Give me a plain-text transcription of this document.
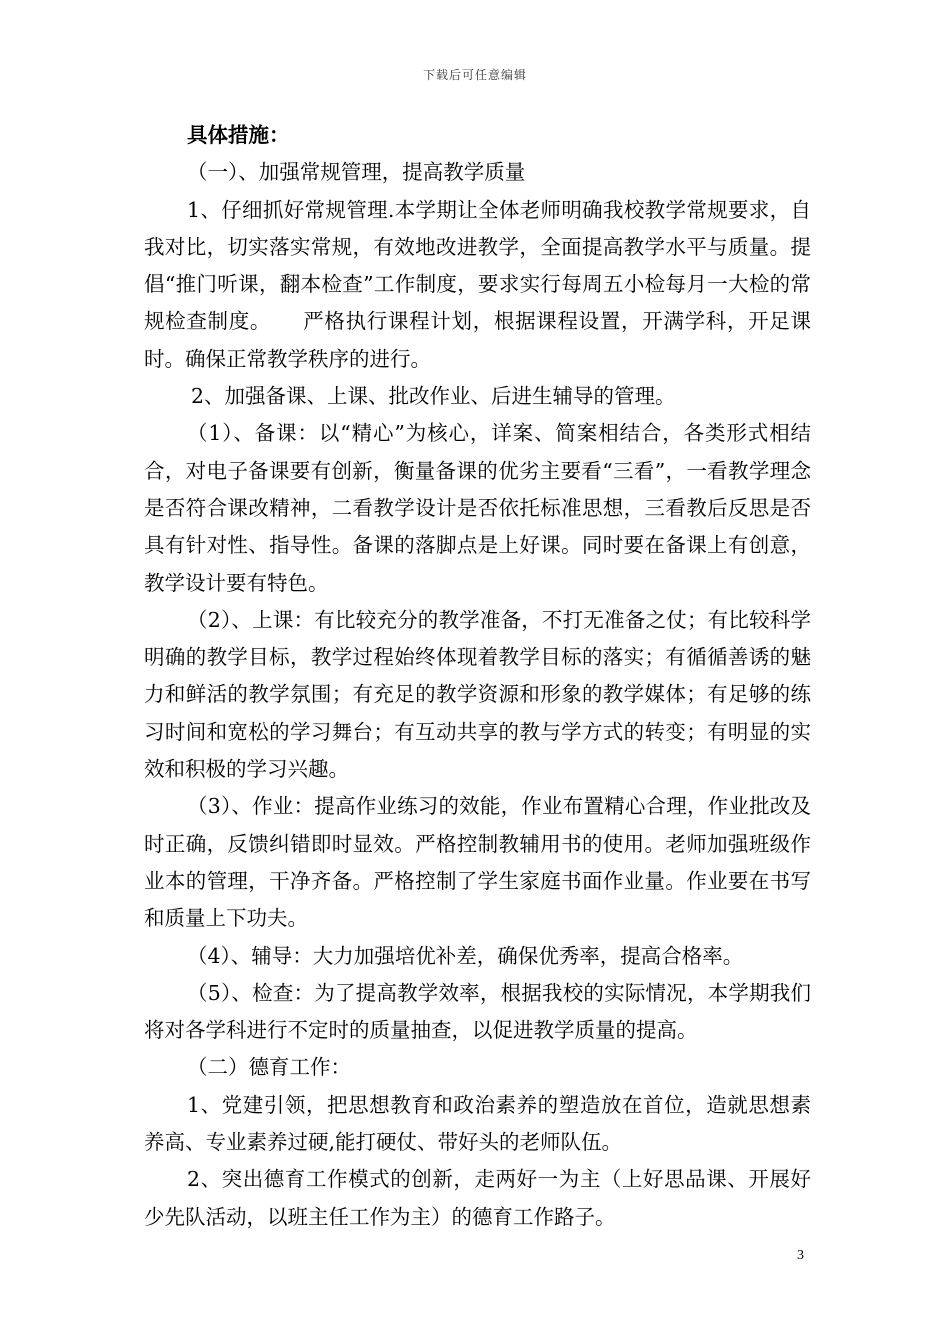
下载后可任意编辑

具体措施：

（一）、加强常规管理，提高教学质量

1、仔细抓好常规管理.本学期让全体老师明确我校教学常规要求，自我对比，切实落实常规，有效地改进教学，全面提高教学水平与质量。提倡“推门听课，翻本检查”工作制度，要求实行每周五小检每月一大检的常规检查制度。　　严格执行课程计划，根据课程设置，开满学科，开足课时。确保正常教学秩序的进行。

2、加强备课、上课、批改作业、后进生辅导的管理。

（1）、备课：以“精心”为核心，详案、简案相结合，各类形式相结合，对电子备课要有创新，衡量备课的优劣主要看“三看”，一看教学理念是否符合课改精神，二看教学设计是否依托标准思想，三看教后反思是否具有针对性、指导性。备课的落脚点是上好课。同时要在备课上有创意，教学设计要有特色。

（2）、上课：有比较充分的教学准备，不打无准备之仗；有比较科学明确的教学目标，教学过程始终体现着教学目标的落实；有循循善诱的魅力和鲜活的教学氛围；有充足的教学资源和形象的教学媒体；有足够的练习时间和宽松的学习舞台；有互动共享的教与学方式的转变；有明显的实效和积极的学习兴趣。

（3）、作业：提高作业练习的效能，作业布置精心合理，作业批改及时正确，反馈纠错即时显效。严格控制教辅用书的使用。老师加强班级作业本的管理，干净齐备。严格控制了学生家庭书面作业量。作业要在书写和质量上下功夫。

（4）、辅导：大力加强培优补差，确保优秀率，提高合格率。

（5）、检查：为了提高教学效率，根据我校的实际情况，本学期我们将对各学科进行不定时的质量抽查，以促进教学质量的提高。

（二）德育工作：

1、党建引领，把思想教育和政治素养的塑造放在首位，造就思想素养高、专业素养过硬,能打硬仗、带好头的老师队伍。

2、突出德育工作模式的创新，走两好一为主（上好思品课、开展好少先队活动，以班主任工作为主）的德育工作路子。

3
